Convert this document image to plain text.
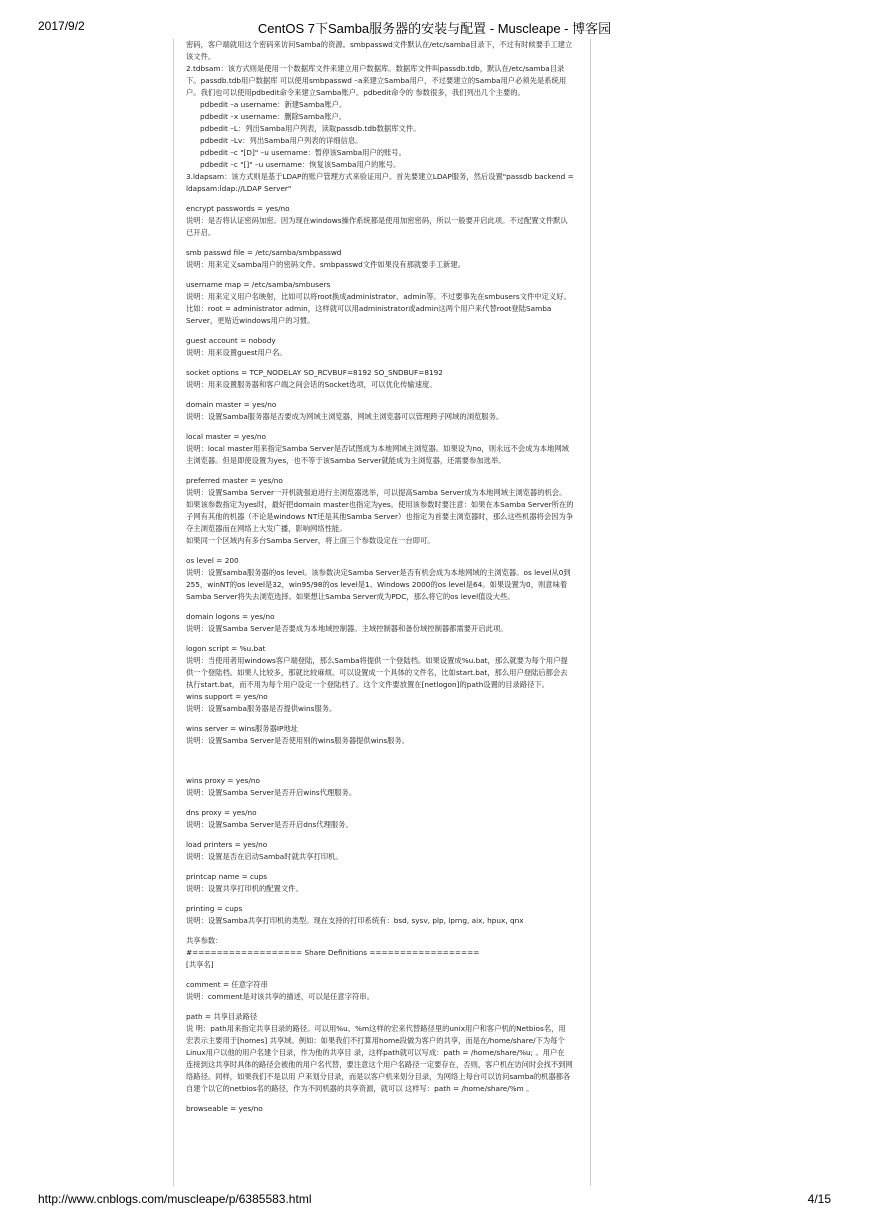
2017/9/2	CentOS 7下Samba服务器的安装与配置 - Muscleape - 博客园
密码，客户端就用这个密码来访问Samba的资源。smbpasswd文件默认在/etc/samba目录下，不过有时候要手工建立
该文件。
2.tdbsam：该方式则是使用一个数据库文件来建立用户数据库。数据库文件叫passdb.tdb，默认在/etc/samba目录
下。passdb.tdb用户数据库 可以使用smbpasswd –a来建立Samba用户，不过要建立的Samba用户必须先是系统用
户。我们也可以使用pdbedit命令来建立Samba账户。pdbedit命令的 参数很多，我们列出几个主要的。
pdbedit –a username：新建Samba账户。
pdbedit –x username：删除Samba账户。
pdbedit –L：列出Samba用户列表，读取passdb.tdb数据库文件。
pdbedit –Lv：列出Samba用户列表的详细信息。
pdbedit –c "[D]" –u username：暂停该Samba用户的账号。
pdbedit –c "[]" –u username：恢复该Samba用户的账号。
3.ldapsam：该方式则是基于LDAP的账户管理方式来验证用户。首先要建立LDAP服务，然后设置"passdb backend =
ldapsam:ldap://LDAP Server"
encrypt passwords = yes/no
说明：是否将认证密码加密。因为现在windows操作系统都是使用加密密码，所以一般要开启此项。不过配置文件默认
已开启。
smb passwd file = /etc/samba/smbpasswd
说明：用来定义samba用户的密码文件。smbpasswd文件如果没有那就要手工新建。
username map = /etc/samba/smbusers
说明：用来定义用户名映射，比如可以将root换成administrator、admin等。不过要事先在smbusers文件中定义好。
比如：root = administrator admin，这样就可以用administrator或admin这两个用户来代替root登陆Samba
Server，更贴近windows用户的习惯。
guest account = nobody
说明：用来设置guest用户名。
socket options = TCP_NODELAY SO_RCVBUF=8192 SO_SNDBUF=8192
说明：用来设置服务器和客户端之间会话的Socket选项，可以优化传输速度。
domain master = yes/no
说明：设置Samba服务器是否要成为网域主浏览器，网域主浏览器可以管理跨子网域的浏览服务。
local master = yes/no
说明：local master用来指定Samba Server是否试图成为本地网域主浏览器。如果设为no，则永远不会成为本地网域
主浏览器。但是即使设置为yes，也不等于该Samba Server就能成为主浏览器，还需要参加选举。
preferred master = yes/no
说明：设置Samba Server一开机就强迫进行主浏览器选举，可以提高Samba Server成为本地网域主浏览器的机会。
如果该参数指定为yes时，最好把domain master也指定为yes。使用该参数时要注意：如果在本Samba Server所在的
子网有其他的机器（不论是windows NT还是其他Samba Server）也指定为首要主浏览器时，那么这些机器将会因为争
夺主浏览器而在网络上大发广播，影响网络性能。
如果同一个区域内有多台Samba Server，将上面三个参数设定在一台即可。
os level = 200
说明：设置samba服务器的os level。该参数决定Samba Server是否有机会成为本地网域的主浏览器。os level从0到
255，winNT的os level是32，win95/98的os level是1。Windows 2000的os level是64。如果设置为0，则意味着
Samba Server将失去浏览选择。如果想让Samba Server成为PDC，那么将它的os level值设大些。
domain logons = yes/no
说明：设置Samba Server是否要成为本地域控制器。主域控制器和备份域控制器都需要开启此项。
logon script = %u.bat
说明：当使用者用windows客户端登陆，那么Samba将提供一个登陆档。如果设置成%u.bat，那么就要为每个用户提
供一个登陆档。如果人比较多，那就比较麻烦。可以设置成一个具体的文件名，比如start.bat，那么用户登陆后都会去
执行start.bat，而不用为每个用户设定一个登陆档了。这个文件要放置在[netlogon]的path设置的目录路径下。
wins support = yes/no
说明：设置samba服务器是否提供wins服务。
wins server = wins服务器IP地址
说明：设置Samba Server是否使用别的wins服务器提供wins服务。
wins proxy = yes/no
说明：设置Samba Server是否开启wins代理服务。
dns proxy = yes/no
说明：设置Samba Server是否开启dns代理服务。
load printers = yes/no
说明：设置是否在启动Samba时就共享打印机。
printcap name = cups
说明：设置共享打印机的配置文件。
printing = cups
说明：设置Samba共享打印机的类型。现在支持的打印系统有：bsd, sysv, plp, lprng, aix, hpux, qnx
共享参数：
#================== Share Definitions ==================
[共享名]
comment = 任意字符串
说明：comment是对该共享的描述，可以是任意字符串。
path = 共享目录路径
说 明：path用来指定共享目录的路径。可以用%u、%m这样的宏来代替路径里的unix用户和客户机的Netbios名，用
宏表示主要用于[homes] 共享域。例如：如果我们不打算用home段做为客户的共享，而是在/home/share/下为每个
Linux用户以他的用户名建个目录，作为他的共享目 录，这样path就可以写成：path = /home/share/%u; 。用户在
连接到这共享时具体的路径会被他的用户名代替，要注意这个用户名路径一定要存在，否则，客户机在访问时会找不到网
络路径。同样，如果我们不是以用 户来划分目录，而是以客户机来划分目录，为网络上每台可以访问samba的机器都各
自建个以它的netbios名的路径，作为不同机器的共享资源，就可以 这样写：path = /home/share/%m 。
browseable = yes/no
http://www.cnblogs.com/muscleape/p/6385583.html	4/15
